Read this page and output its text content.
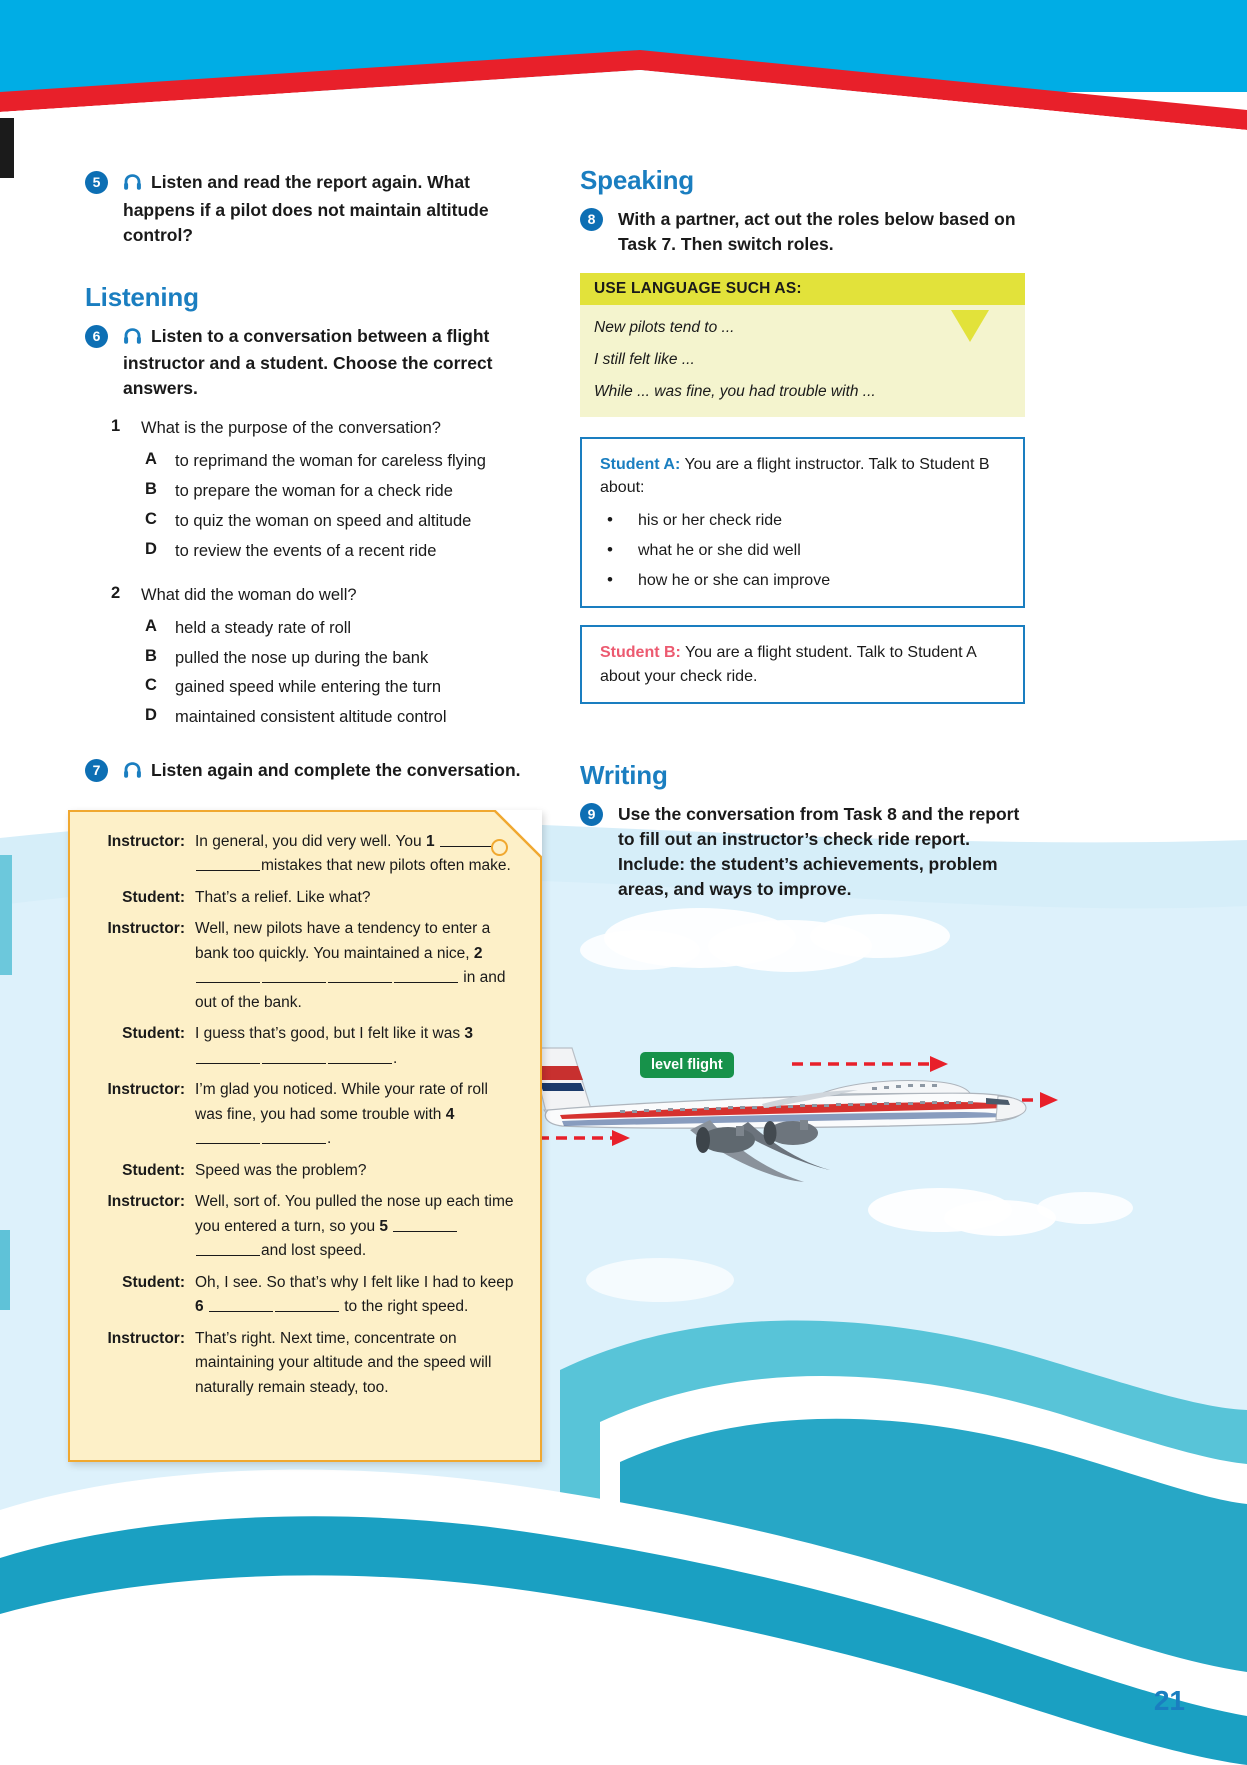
5	Listen and read the report again. What happens if a pilot does not maintain altitude control?
Listening
6	Listen to a conversation between a flight instructor and a student. Choose the correct answers.
1 What is the purpose of the conversation?
A to reprimand the woman for careless flying
B to prepare the woman for a check ride
C to quiz the woman on speed and altitude
D to review the events of a recent ride
2 What did the woman do well?
A held a steady rate of roll
B pulled the nose up during the bank
C gained speed while entering the turn
D maintained consistent altitude control
7	Listen again and complete the conversation.
Instructor: In general, you did very well. You 1 mistakes that new pilots often make.
Student: That’s a relief. Like what?
Instructor: Well, new pilots have a tendency to enter a bank too quickly. You maintained a nice, 2  in and out of the bank.
Student: I guess that’s good, but I felt like it was 3 .
Instructor: I’m glad you noticed. While your rate of roll was fine, you had some trouble with 4 .
Student: Speed was the problem?
Instructor: Well, sort of. You pulled the nose up each time you entered a turn, so you 5 and lost speed.
Student: Oh, I see. So that’s why I felt like I had to keep 6	to the right speed.
Instructor: That’s right. Next time, concentrate on maintaining your altitude and the speed will naturally remain steady, too.
Speaking
8	With a partner, act out the roles below based on Task 7. Then switch roles.
USE LANGUAGE SUCH AS:
New pilots tend to ...
I still felt like ...
While ... was fine, you had trouble with ...
Student A: You are a flight instructor. Talk to Student B about:
• his or her check ride
• what he or she did well
• how he or she can improve
Student B: You are a flight student. Talk to Student A about your check ride.
Writing
9	Use the conversation from Task 8 and the report to fill out an instructor’s check ride report. Include: the student’s achievements, problem areas, and ways to improve.
level flight
21
